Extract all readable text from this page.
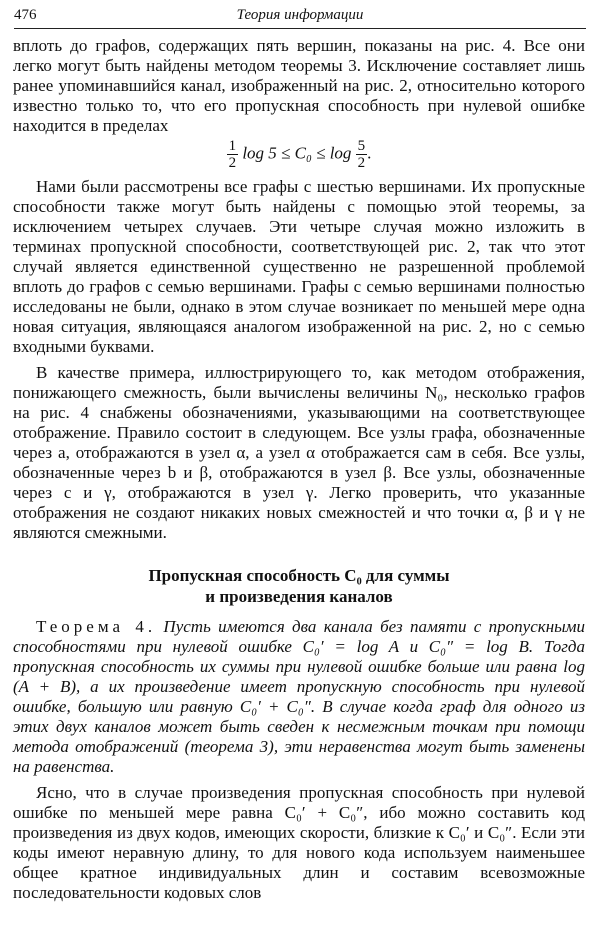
476	Теория информации

вплоть до графов, содержащих пять вершин, показаны на рис. 4. Все они легко могут быть найдены методом теоремы 3. Исключение составляет лишь ранее упоминавшийся канал, изображенный на рис. 2, относительно которого известно только то, что его пропускная способность при нулевой ошибке находится в пределах

$\frac{1}{2}$ $\log 5 \le C_0 \le \log \frac{5}{2}$ .

Нами были рассмотрены все графы с шестью вершинами. Их пропускные способности также могут быть найдены с помощью этой теоремы, за исключением четырех случаев. Эти четыре случая можно изложить в терминах пропускной способности, соответствующей рис. 2, так что этот случай является единственной существенно не разрешенной проблемой вплоть до графов с семью вершинами. Графы с семью вершинами полностью исследованы не были, однако в этом случае возникает по меньшей мере одна новая ситуация, являющаяся аналогом изображенной на рис. 2, но с семью входными буквами.

В качестве примера, иллюстрирующего то, как методом отображения, понижающего смежность, были вычислены величины N₀, несколько графов на рис. 4 снабжены обозначениями, указывающими на соответствующее отображение. Правило состоит в следующем. Все узлы графа, обозначенные через a, отображаются в узел α, а узел α отображается сам в себя. Все узлы, обозначенные через b и β, отображаются в узел β. Все узлы, обозначенные через c и γ, отображаются в узел γ. Легко проверить, что указанные отображения не создают никаких новых смежностей и что точки α, β и γ не являются смежными.

Пропускная способность C₀ для суммы
и произведения каналов

Теорема 4. Пусть имеются два канала без памяти с пропускными способностями при нулевой ошибке C₀′ = log A и C₀″ = log B. Тогда пропускная способность их суммы при нулевой ошибке больше или равна log (A + B), а их произведение имеет пропускную способность при нулевой ошибке, большую или равную C₀′ + C₀″. В случае когда граф для одного из этих двух каналов может быть сведен к несмежным точкам при помощи метода отображений (теорема 3), эти неравенства могут быть заменены на равенства.

Ясно, что в случае произведения пропускная способность при нулевой ошибке по меньшей мере равна C₀′ + C₀″, ибо можно составить код произведения из двух кодов, имеющих скорости, близкие к C₀′ и C₀″. Если эти коды имеют неравную длину, то для нового кода используем наименьшее общее кратное индивидуальных длин и составим всевозможные последовательности кодовых слов
